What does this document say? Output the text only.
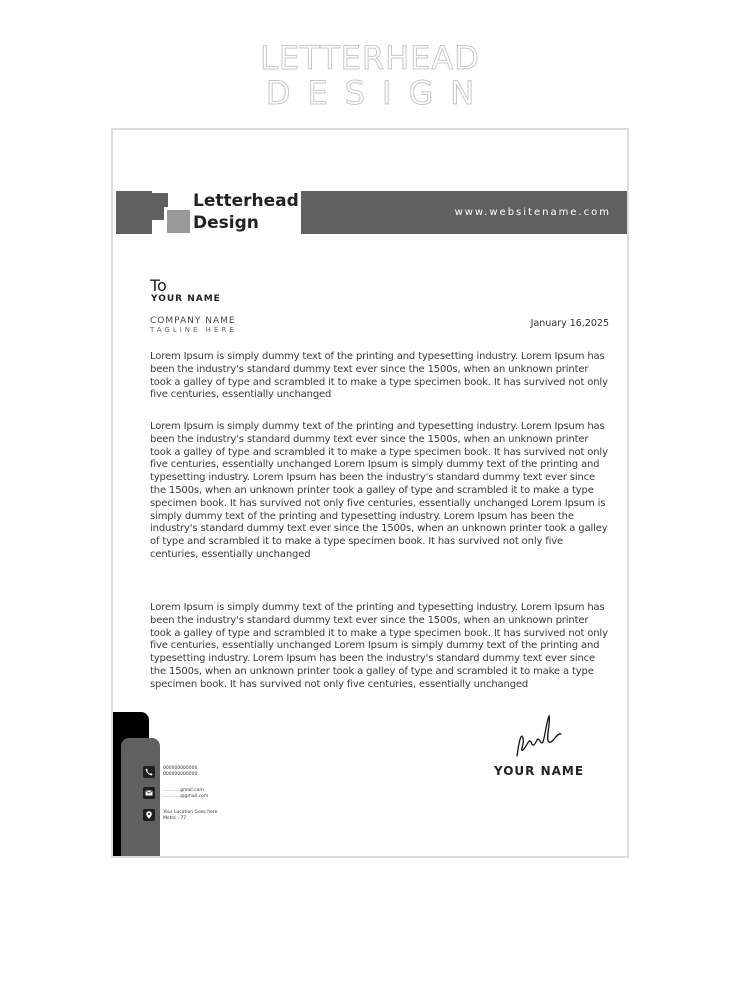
LETTERHEAD
DESIGN
Letterhead
Design
www.websitename.com
To
YOUR NAME
COMPANY NAME
TAGLINE HERE
January 16,2025
Lorem Ipsum is simply dummy text of the printing and typesetting industry. Lorem Ipsum has been the industry's standard dummy text ever since the 1500s, when an unknown printer took a galley of type and scrambled it to make a type specimen book. It has survived not only five centuries, essentially unchanged
Lorem Ipsum is simply dummy text of the printing and typesetting industry. Lorem Ipsum has been the industry's standard dummy text ever since the 1500s, when an unknown printer took a galley of type and scrambled it to make a type specimen book. It has survived not only five centuries, essentially unchanged Lorem Ipsum is simply dummy text of the printing and typesetting industry. Lorem Ipsum has been the industry's standard dummy text ever since the 1500s, when an unknown printer took a galley of type and scrambled it to make a type specimen book. It has survived not only five centuries, essentially unchanged Lorem Ipsum is simply dummy text of the printing and typesetting industry. Lorem Ipsum has been the industry's standard dummy text ever since the 1500s, when an unknown printer took a galley of type and scrambled it to make a type specimen book. It has survived not only five centuries, essentially unchanged
Lorem Ipsum is simply dummy text of the printing and typesetting industry. Lorem Ipsum has been the industry's standard dummy text ever since the 1500s, when an unknown printer took a galley of type and scrambled it to make a type specimen book. It has survived not only five centuries, essentially unchanged Lorem Ipsum is simply dummy text of the printing and typesetting industry. Lorem Ipsum has been the industry's standard dummy text ever since the 1500s, when an unknown printer took a galley of type and scrambled it to make a type specimen book. It has survived not only five centuries, essentially unchanged
YOUR NAME
000000000000
000000000000
............gmail.com
............@gmail.com
Your Location Goes here
Metro - 77
